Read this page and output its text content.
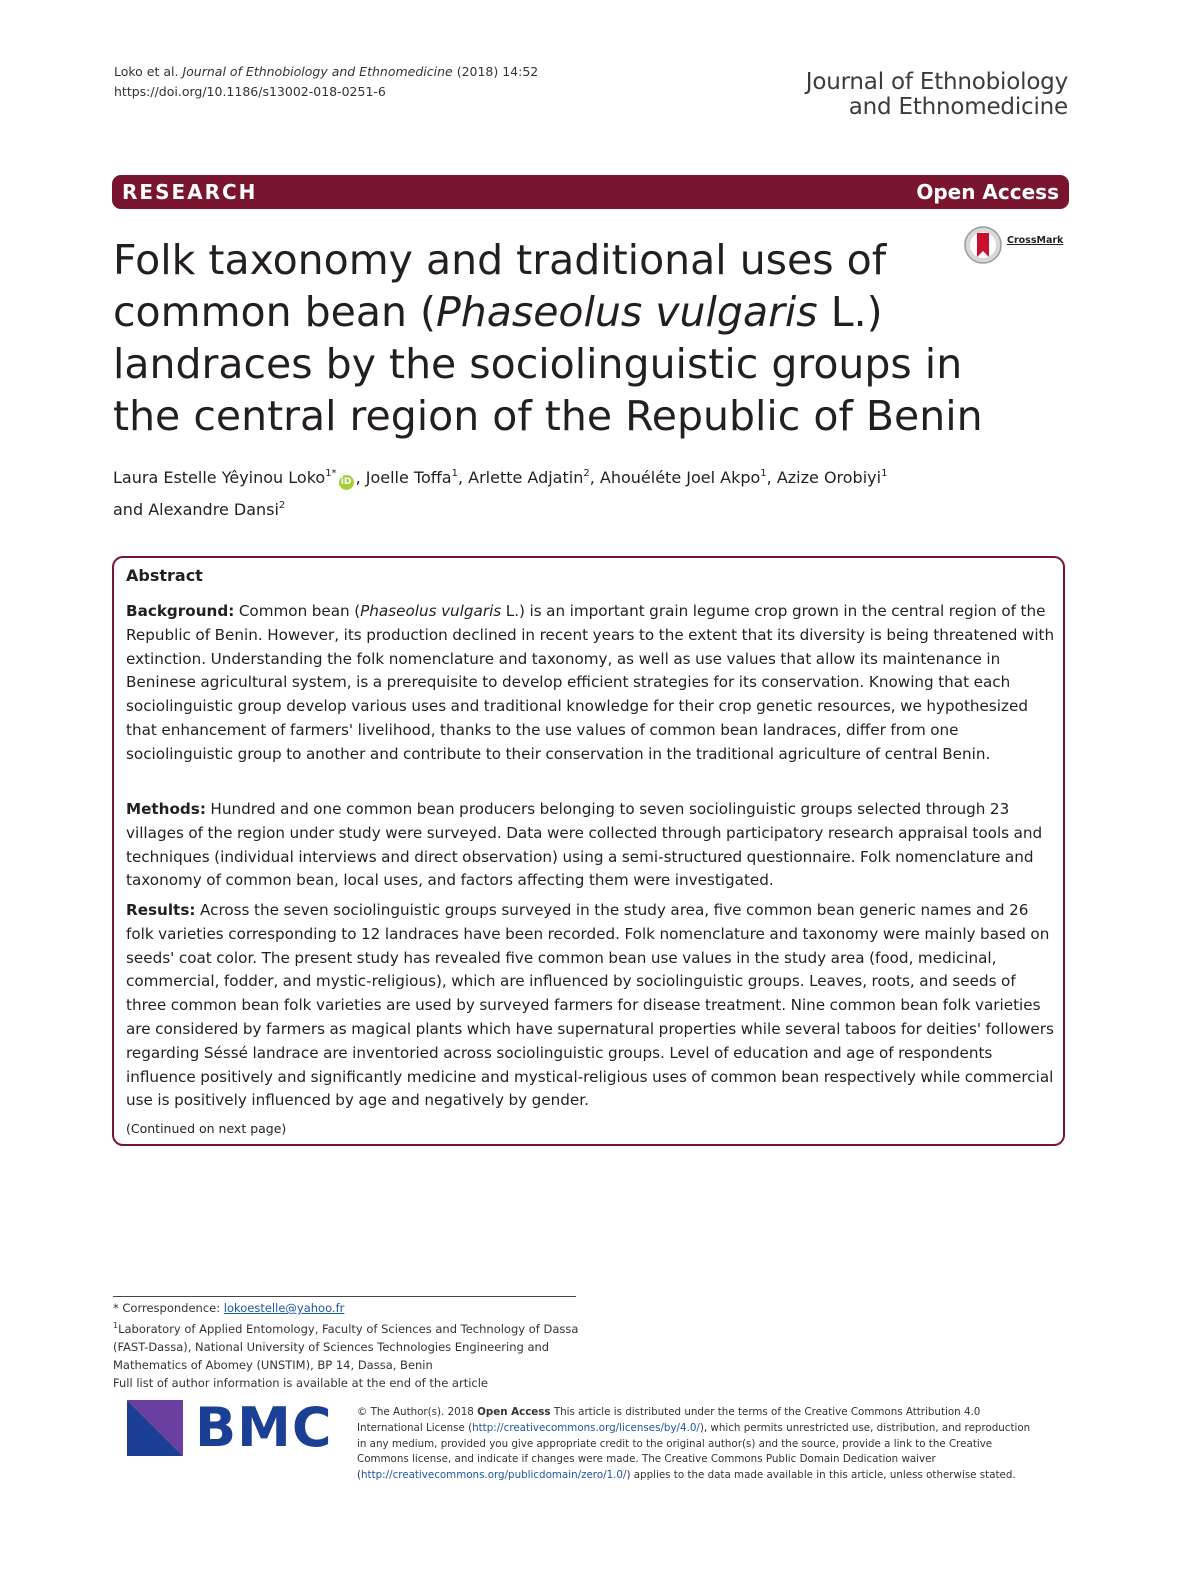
Loko et al. Journal of Ethnobiology and Ethnomedicine (2018) 14:52
https://doi.org/10.1186/s13002-018-0251-6	Journal of Ethnobiology
and Ethnomedicine
RESEARCH	Open Access
CrossMark
Folk taxonomy and traditional uses of
common bean (Phaseolus vulgaris L.)
landraces by the sociolinguistic groups in
the central region of the Republic of Benin
Laura Estelle Yêyinou Loko$^{1*}$iD , Joelle Toffa$^1$, Arlette Adjatin$^2$, Ahouéléte Joel Akpo$^1$, Azize Orobiyi$^1$
and Alexandre Dansi$^2$
Abstract
Background: Common bean (Phaseolus vulgaris L.) is an important grain legume crop grown in the central region of the Republic of Benin. However, its production declined in recent years to the extent that its diversity is being threatened with extinction. Understanding the folk nomenclature and taxonomy, as well as use values that allow its maintenance in Beninese agricultural system, is a prerequisite to develop efficient strategies for its conservation. Knowing that each sociolinguistic group develop various uses and traditional knowledge for their crop genetic resources, we hypothesized that enhancement of farmers' livelihood, thanks to the use values of common bean landraces, differ from one sociolinguistic group to another and contribute to their conservation in the traditional agriculture of central Benin.
Methods: Hundred and one common bean producers belonging to seven sociolinguistic groups selected through 23 villages of the region under study were surveyed. Data were collected through participatory research appraisal tools and techniques (individual interviews and direct observation) using a semi-structured questionnaire. Folk nomenclature and taxonomy of common bean, local uses, and factors affecting them were investigated.
Results: Across the seven sociolinguistic groups surveyed in the study area, five common bean generic names and 26 folk varieties corresponding to 12 landraces have been recorded. Folk nomenclature and taxonomy were mainly based on seeds' coat color. The present study has revealed five common bean use values in the study area (food, medicinal, commercial, fodder, and mystic-religious), which are influenced by sociolinguistic groups. Leaves, roots, and seeds of three common bean folk varieties are used by surveyed farmers for disease treatment. Nine common bean folk varieties are considered by farmers as magical plants which have supernatural properties while several taboos for deities' followers regarding Séssé landrace are inventoried across sociolinguistic groups. Level of education and age of respondents influence positively and significantly medicine and mystical-religious uses of common bean respectively while commercial use is positively influenced by age and negatively by gender.
(Continued on next page)
* Correspondence: lokoestelle@yahoo.fr
$^1$Laboratory of Applied Entomology, Faculty of Sciences and Technology of Dassa (FAST-Dassa), National University of Sciences Technologies Engineering and Mathematics of Abomey (UNSTIM), BP 14, Dassa, Benin
Full list of author information is available at the end of the article
BMC © The Author(s). 2018 Open Access This article is distributed under the terms of the Creative Commons Attribution 4.0 International License (http://creativecommons.org/licenses/by/4.0/), which permits unrestricted use, distribution, and reproduction in any medium, provided you give appropriate credit to the original author(s) and the source, provide a link to the Creative Commons license, and indicate if changes were made. The Creative Commons Public Domain Dedication waiver (http://creativecommons.org/publicdomain/zero/1.0/) applies to the data made available in this article, unless otherwise stated.
